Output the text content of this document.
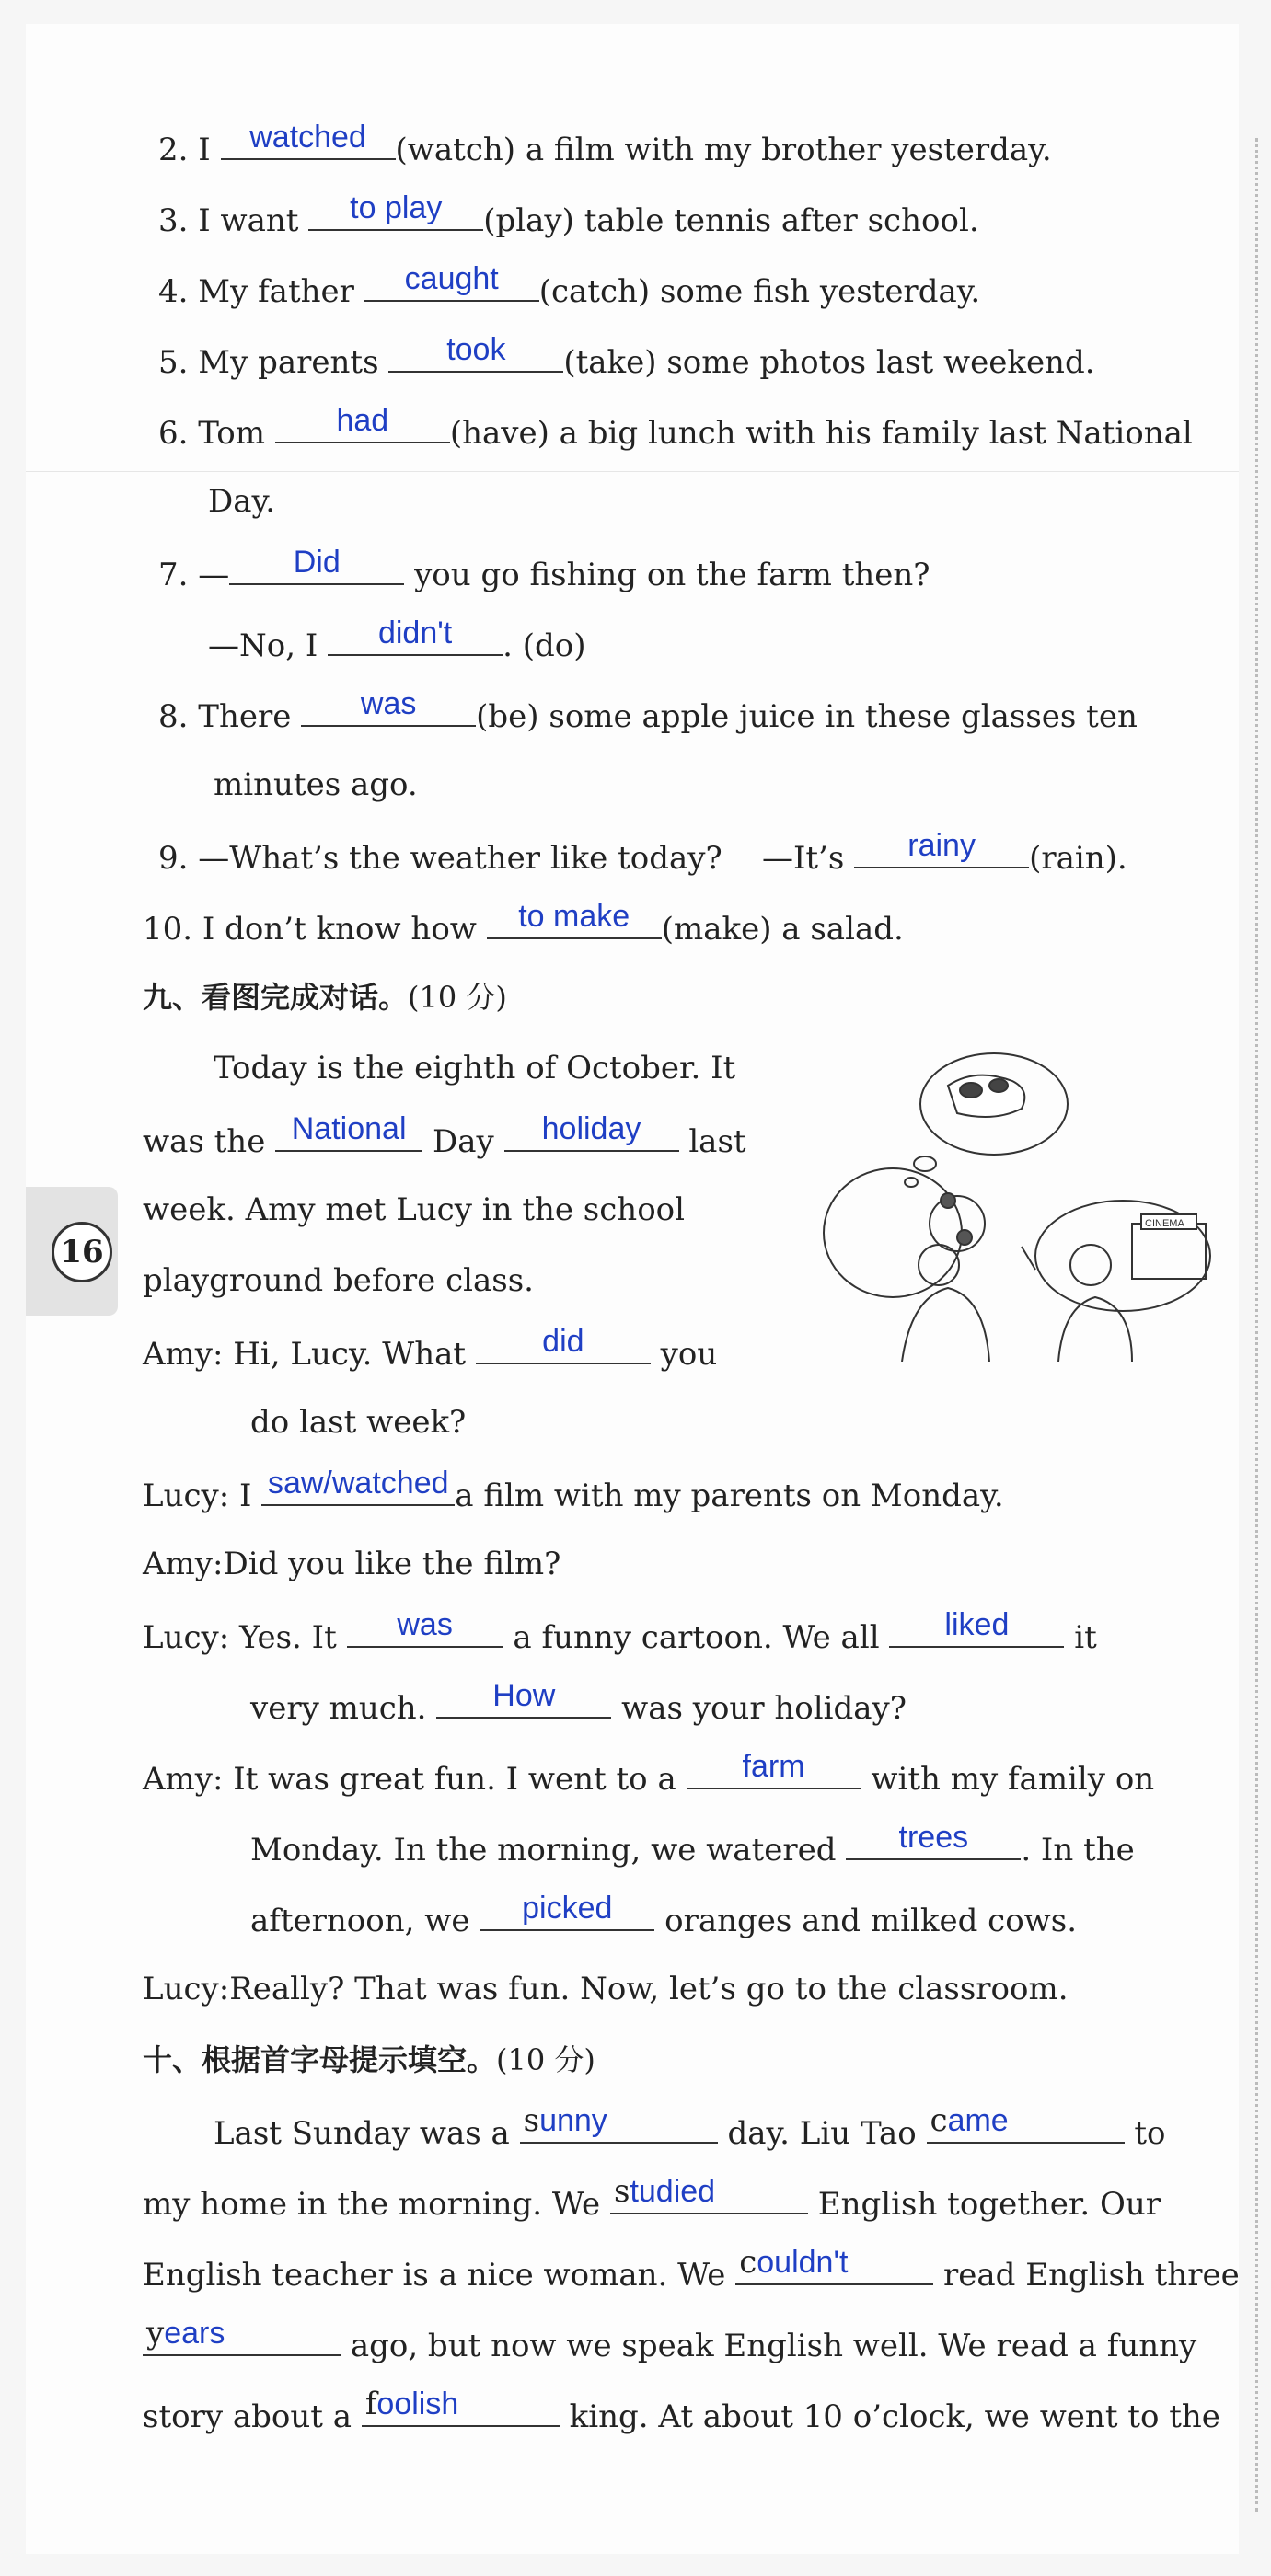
16
2. I	watched (watch) a film with my brother yesterday.
3. I want	to play	(play) table tennis after school.
4. My father	caught	(catch) some fish yesterday.
5. My parents	took	(take) some photos last weekend.
6. Tom	had	(have) a big lunch with his family last National
Day.
7. —	Did	you go fishing on the farm then?
—No, I	didn't	. (do)
8. There	was	(be) some apple juice in these glasses ten
minutes ago.
9. —What’s the weather like today?    —It’s	rainy	(rain).
10. I don’t know how	to make	(make) a salad.
九、看图完成对话。(10 分)
Today is the eighth of October. It
was the National Day	holiday	last
week. Amy met Lucy in the school
playground before class.
CINEMA
Amy: Hi, Lucy. What	did	you
do last week?
Lucy: I saw/watched a film with my parents on Monday.
Amy:Did you like the film?
Lucy: Yes. It	was	a funny cartoon. We all	liked	it
very much.	How	was your holiday?
Amy: It was great fun. I went to a	farm	with my family on
Monday. In the morning, we watered	trees	. In the
afternoon, we	picked	oranges and milked cows.
Lucy:Really? That was fun. Now, let’s go to the classroom.
十、根据首字母提示填空。(10 分)
Last Sunday was a sunny	day. Liu Tao came	to
my home in the morning. We studied	English together. Our
English teacher is a nice woman. We couldn't	read English three
years	ago, but now we speak English well. We read a funny
story about a foolish	king. At about 10 o’clock, we went to the
